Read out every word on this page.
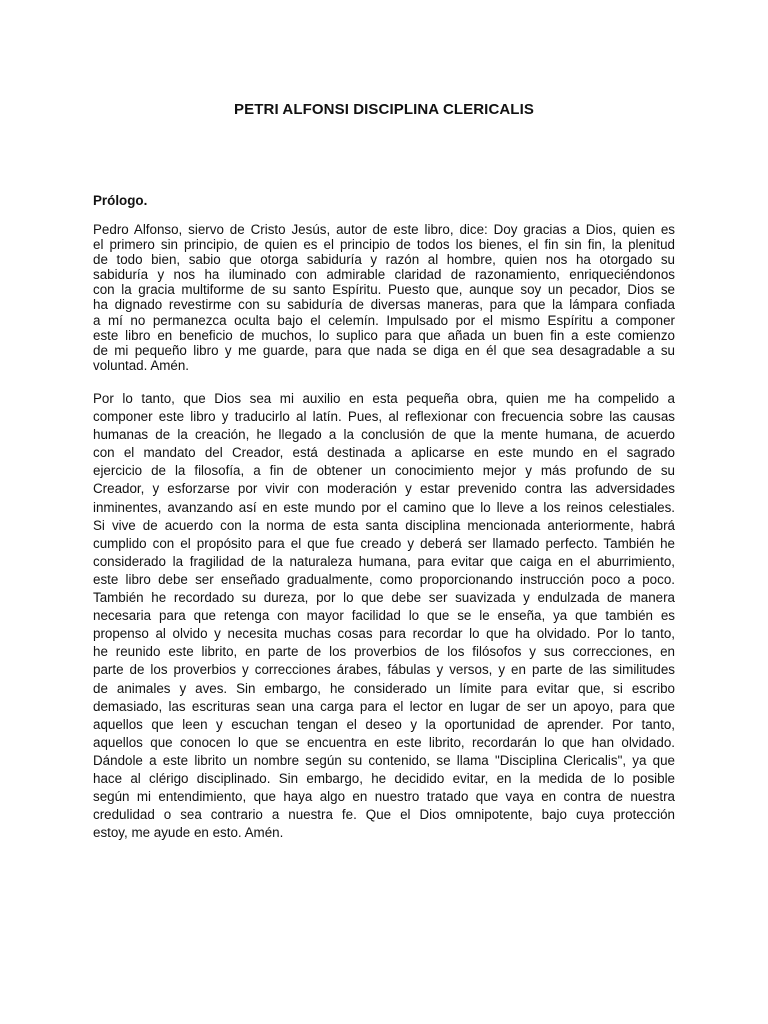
PETRI ALFONSI DISCIPLINA CLERICALIS
Prólogo.
Pedro Alfonso, siervo de Cristo Jesús, autor de este libro, dice: Doy gracias a Dios, quien es
el primero sin principio, de quien es el principio de todos los bienes, el fin sin fin, la plenitud
de todo bien, sabio que otorga sabiduría y razón al hombre, quien nos ha otorgado su
sabiduría y nos ha iluminado con admirable claridad de razonamiento, enriqueciéndonos
con la gracia multiforme de su santo Espíritu. Puesto que, aunque soy un pecador, Dios se
ha dignado revestirme con su sabiduría de diversas maneras, para que la lámpara confiada
a mí no permanezca oculta bajo el celemín. Impulsado por el mismo Espíritu a componer
este libro en beneficio de muchos, lo suplico para que añada un buen fin a este comienzo
de mi pequeño libro y me guarde, para que nada se diga en él que sea desagradable a su
voluntad. Amén.
Por lo tanto, que Dios sea mi auxilio en esta pequeña obra, quien me ha compelido a
componer este libro y traducirlo al latín. Pues, al reflexionar con frecuencia sobre las causas
humanas de la creación, he llegado a la conclusión de que la mente humana, de acuerdo
con el mandato del Creador, está destinada a aplicarse en este mundo en el sagrado
ejercicio de la filosofía, a fin de obtener un conocimiento mejor y más profundo de su
Creador, y esforzarse por vivir con moderación y estar prevenido contra las adversidades
inminentes, avanzando así en este mundo por el camino que lo lleve a los reinos celestiales.
Si vive de acuerdo con la norma de esta santa disciplina mencionada anteriormente, habrá
cumplido con el propósito para el que fue creado y deberá ser llamado perfecto. También he
considerado la fragilidad de la naturaleza humana, para evitar que caiga en el aburrimiento,
este libro debe ser enseñado gradualmente, como proporcionando instrucción poco a poco.
También he recordado su dureza, por lo que debe ser suavizada y endulzada de manera
necesaria para que retenga con mayor facilidad lo que se le enseña, ya que también es
propenso al olvido y necesita muchas cosas para recordar lo que ha olvidado. Por lo tanto,
he reunido este librito, en parte de los proverbios de los filósofos y sus correcciones, en
parte de los proverbios y correcciones árabes, fábulas y versos, y en parte de las similitudes
de animales y aves. Sin embargo, he considerado un límite para evitar que, si escribo
demasiado, las escrituras sean una carga para el lector en lugar de ser un apoyo, para que
aquellos que leen y escuchan tengan el deseo y la oportunidad de aprender. Por tanto,
aquellos que conocen lo que se encuentra en este librito, recordarán lo que han olvidado.
Dándole a este librito un nombre según su contenido, se llama "Disciplina Clericalis", ya que
hace al clérigo disciplinado. Sin embargo, he decidido evitar, en la medida de lo posible
según mi entendimiento, que haya algo en nuestro tratado que vaya en contra de nuestra
credulidad o sea contrario a nuestra fe. Que el Dios omnipotente, bajo cuya protección
estoy, me ayude en esto. Amén.
